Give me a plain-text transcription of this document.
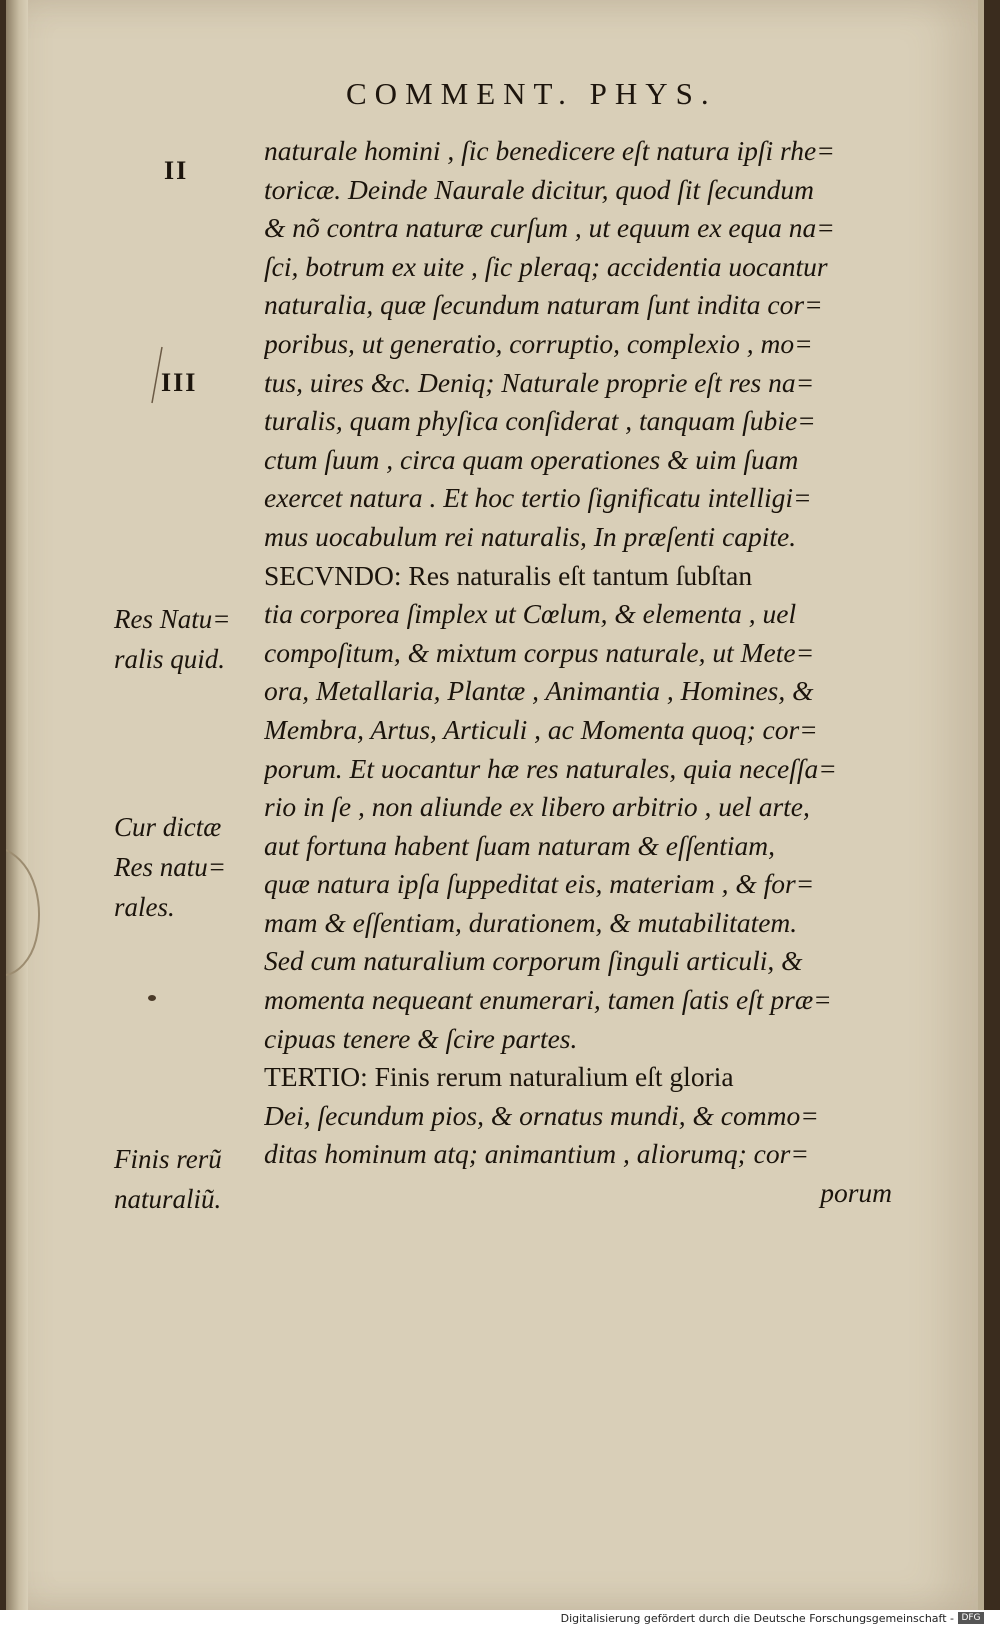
COMMENT. PHYS.
naturale homini , ſic benedicere eſt natura ipſi rhe=
toricæ. Deinde Naurale dicitur, quod ſit ſecundum
& nõ contra naturæ curſum , ut equum ex equa na=
ſci, botrum ex uite , ſic pleraq; accidentia uocantur
naturalia, quæ ſecundum naturam ſunt indita cor=
poribus, ut generatio, corruptio, complexio , mo=
tus, uires &c. Deniq; Naturale proprie eſt res na=
turalis, quam phyſica conſiderat , tanquam ſubie=
ctum ſuum , circa quam operationes & uim ſuam
exercet natura . Et hoc tertio ſignificatu intelligi=
mus uocabulum rei naturalis, In præſenti capite.
SECVNDO: Res naturalis eſt tantum ſubſtan
tia corporea ſimplex ut Cœlum, & elementa , uel
compoſitum, & mixtum corpus naturale, ut Mete=
ora, Metallaria, Plantæ , Animantia , Homines, &
Membra, Artus, Articuli , ac Momenta quoq; cor=
porum. Et uocantur hæ res naturales, quia neceſſa=
rio in ſe , non aliunde ex libero arbitrio , uel arte,
aut fortuna habent ſuam naturam & eſſentiam,
quæ natura ipſa ſuppeditat eis, materiam , & for=
mam & eſſentiam, durationem, & mutabilitatem.
Sed cum naturalium corporum ſinguli articuli, &
momenta nequeant enumerari, tamen ſatis eſt præ=
cipuas tenere & ſcire partes.
TERTIO: Finis rerum naturalium eſt gloria
Dei, ſecundum pios, & ornatus mundi, & commo=
ditas hominum atq; animantium , aliorumq; cor=
porum
II
III
Res Natu=
ralis quid.
Cur dictæ
Res natu=
rales.
Finis rerũ
naturaliũ.
Digitalisierung gefördert durch die Deutsche Forschungsgemeinschaft - DFG
